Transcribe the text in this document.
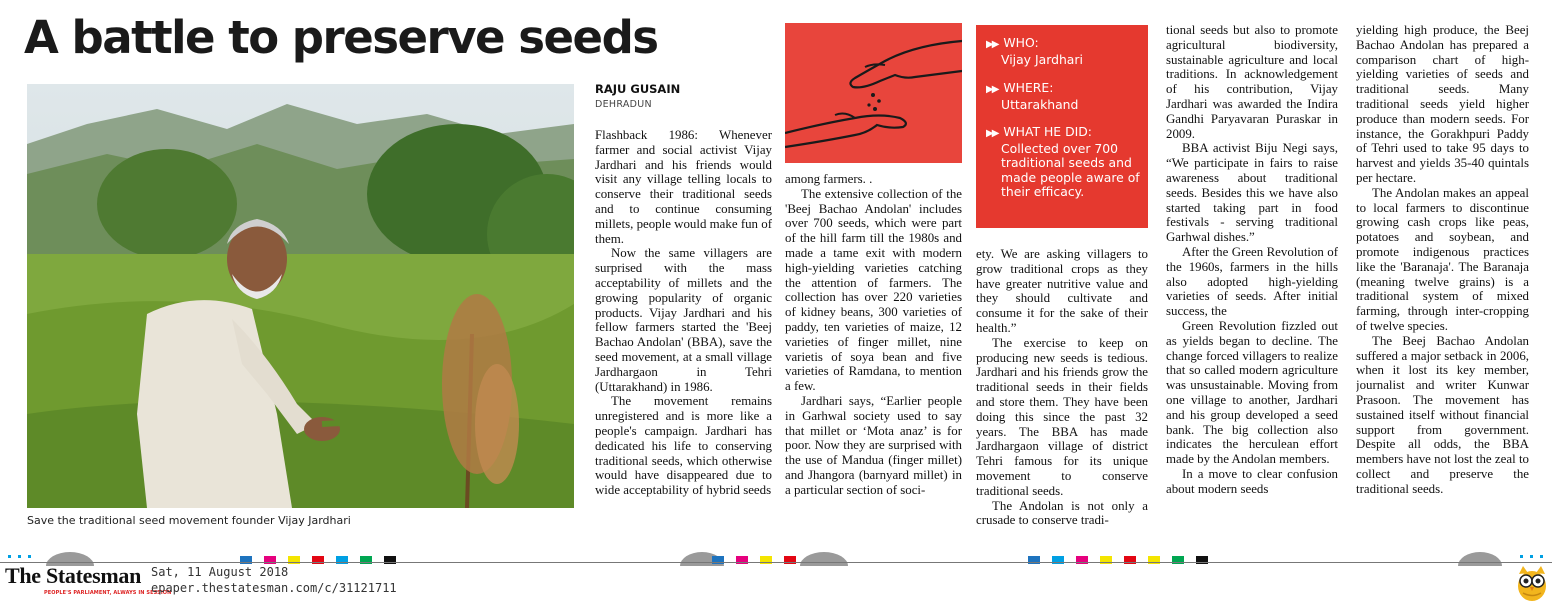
A battle to preserve seeds
Save the traditional seed movement founder Vijay Jardhari
RAJU GUSAIN
DEHRADUN
▶▶ WHO:
Vijay Jardhari
▶▶ WHERE:
Uttarakhand
▶▶ WHAT HE DID:
Collected over 700 traditional seeds and made people aware of their efficacy.

Flashback 1986: Whenever farmer and social activist Vijay Jardhari and his friends would visit any village telling locals to conserve their traditional seeds and to continue consuming millets, people would make fun of them.

Now the same villagers are surprised with the mass acceptability of millets and the growing popularity of organic products. Vijay Jardhari and his fellow farmers started the 'Beej Bachao Andolan' (BBA), save the seed movement, at a small village Jardhargaon in Tehri (Uttarakhand) in 1986.

The movement remains unregistered and is more like a people's campaign. Jardhari has dedicated his life to conserving traditional seeds, which otherwise would have disappeared due to wide acceptability of hybrid seeds

among farmers. .

The extensive collection of the 'Beej Bachao Andolan' includes over 700 seeds, which were part of the hill farm till the 1980s and made a tame exit with modern high-yielding varieties catching the attention of farmers. The collection has over 220 varieties of kidney beans, 300 varieties of paddy, ten varieties of maize, 12 varieties of finger millet, nine varietis of soya bean and five varieties of Ramdana, to mention a few.

Jardhari says, “Earlier people in Garhwal society used to say that millet or ‘Mota anaz’ is for poor. Now they are surprised with the use of Mandua (finger millet) and Jhangora (barnyard millet) in a particular section of soci-

ety. We are asking villagers to grow traditional crops as they have greater nutritive value and they should cultivate and consume it for the sake of their health.”

The exercise to keep on producing new seeds is tedious. Jardhari and his friends grow the traditional seeds in their fields and store them. They have been doing this since the past 32 years. The BBA has made Jardhargaon village of district Tehri famous for its unique movement to conserve traditional seeds.

The Andolan is not only a crusade to conserve tradi-

tional seeds but also to promote agricultural biodiversity, sustainable agriculture and local traditions. In acknowledgement of his contribution, Vijay Jardhari was awarded the Indira Gandhi Paryavaran Puraskar in 2009.

BBA activist Biju Negi says, “We participate in fairs to raise awareness about traditional seeds. Besides this we have also started taking part in food festivals - serving traditional Garhwal dishes.”

After the Green Revolution of the 1960s, farmers in the hills also adopted high-yielding varieties of seeds. After initial success, the

Green Revolution fizzled out as yields began to decline. The change forced villagers to realize that so called modern agriculture was unsustainable. Moving from one village to another, Jardhari and his group developed a seed bank. The big collection also indicates the herculean effort made by the Andolan members.

In a move to clear confusion about modern seeds

yielding high produce, the Beej Bachao Andolan has prepared a comparison chart of high-yielding varieties of seeds and traditional seeds. Many traditional seeds yield higher produce than modern seeds. For instance, the Gorakhpuri Paddy of Tehri used to take 95 days to harvest and yields 35-40 quintals per hectare.

The Andolan makes an appeal to local farmers to discontinue growing cash crops like peas, potatoes and soybean, and promote indigenous practices like the 'Baranaja'. The Baranaja (meaning twelve grains) is a traditional system of mixed farming, through inter-cropping of twelve species.

The Beej Bachao Andolan suffered a major setback in 2006, when it lost its key member, journalist and writer Kunwar Prasoon. The movement has sustained itself without financial support from government. Despite all odds, the BBA members have not lost the zeal to collect and preserve the traditional seeds.

The Statesman
PEOPLE'S PARLIAMENT, ALWAYS IN SESSION
Sat, 11 August 2018
epaper.thestatesman.com/c/31121711
